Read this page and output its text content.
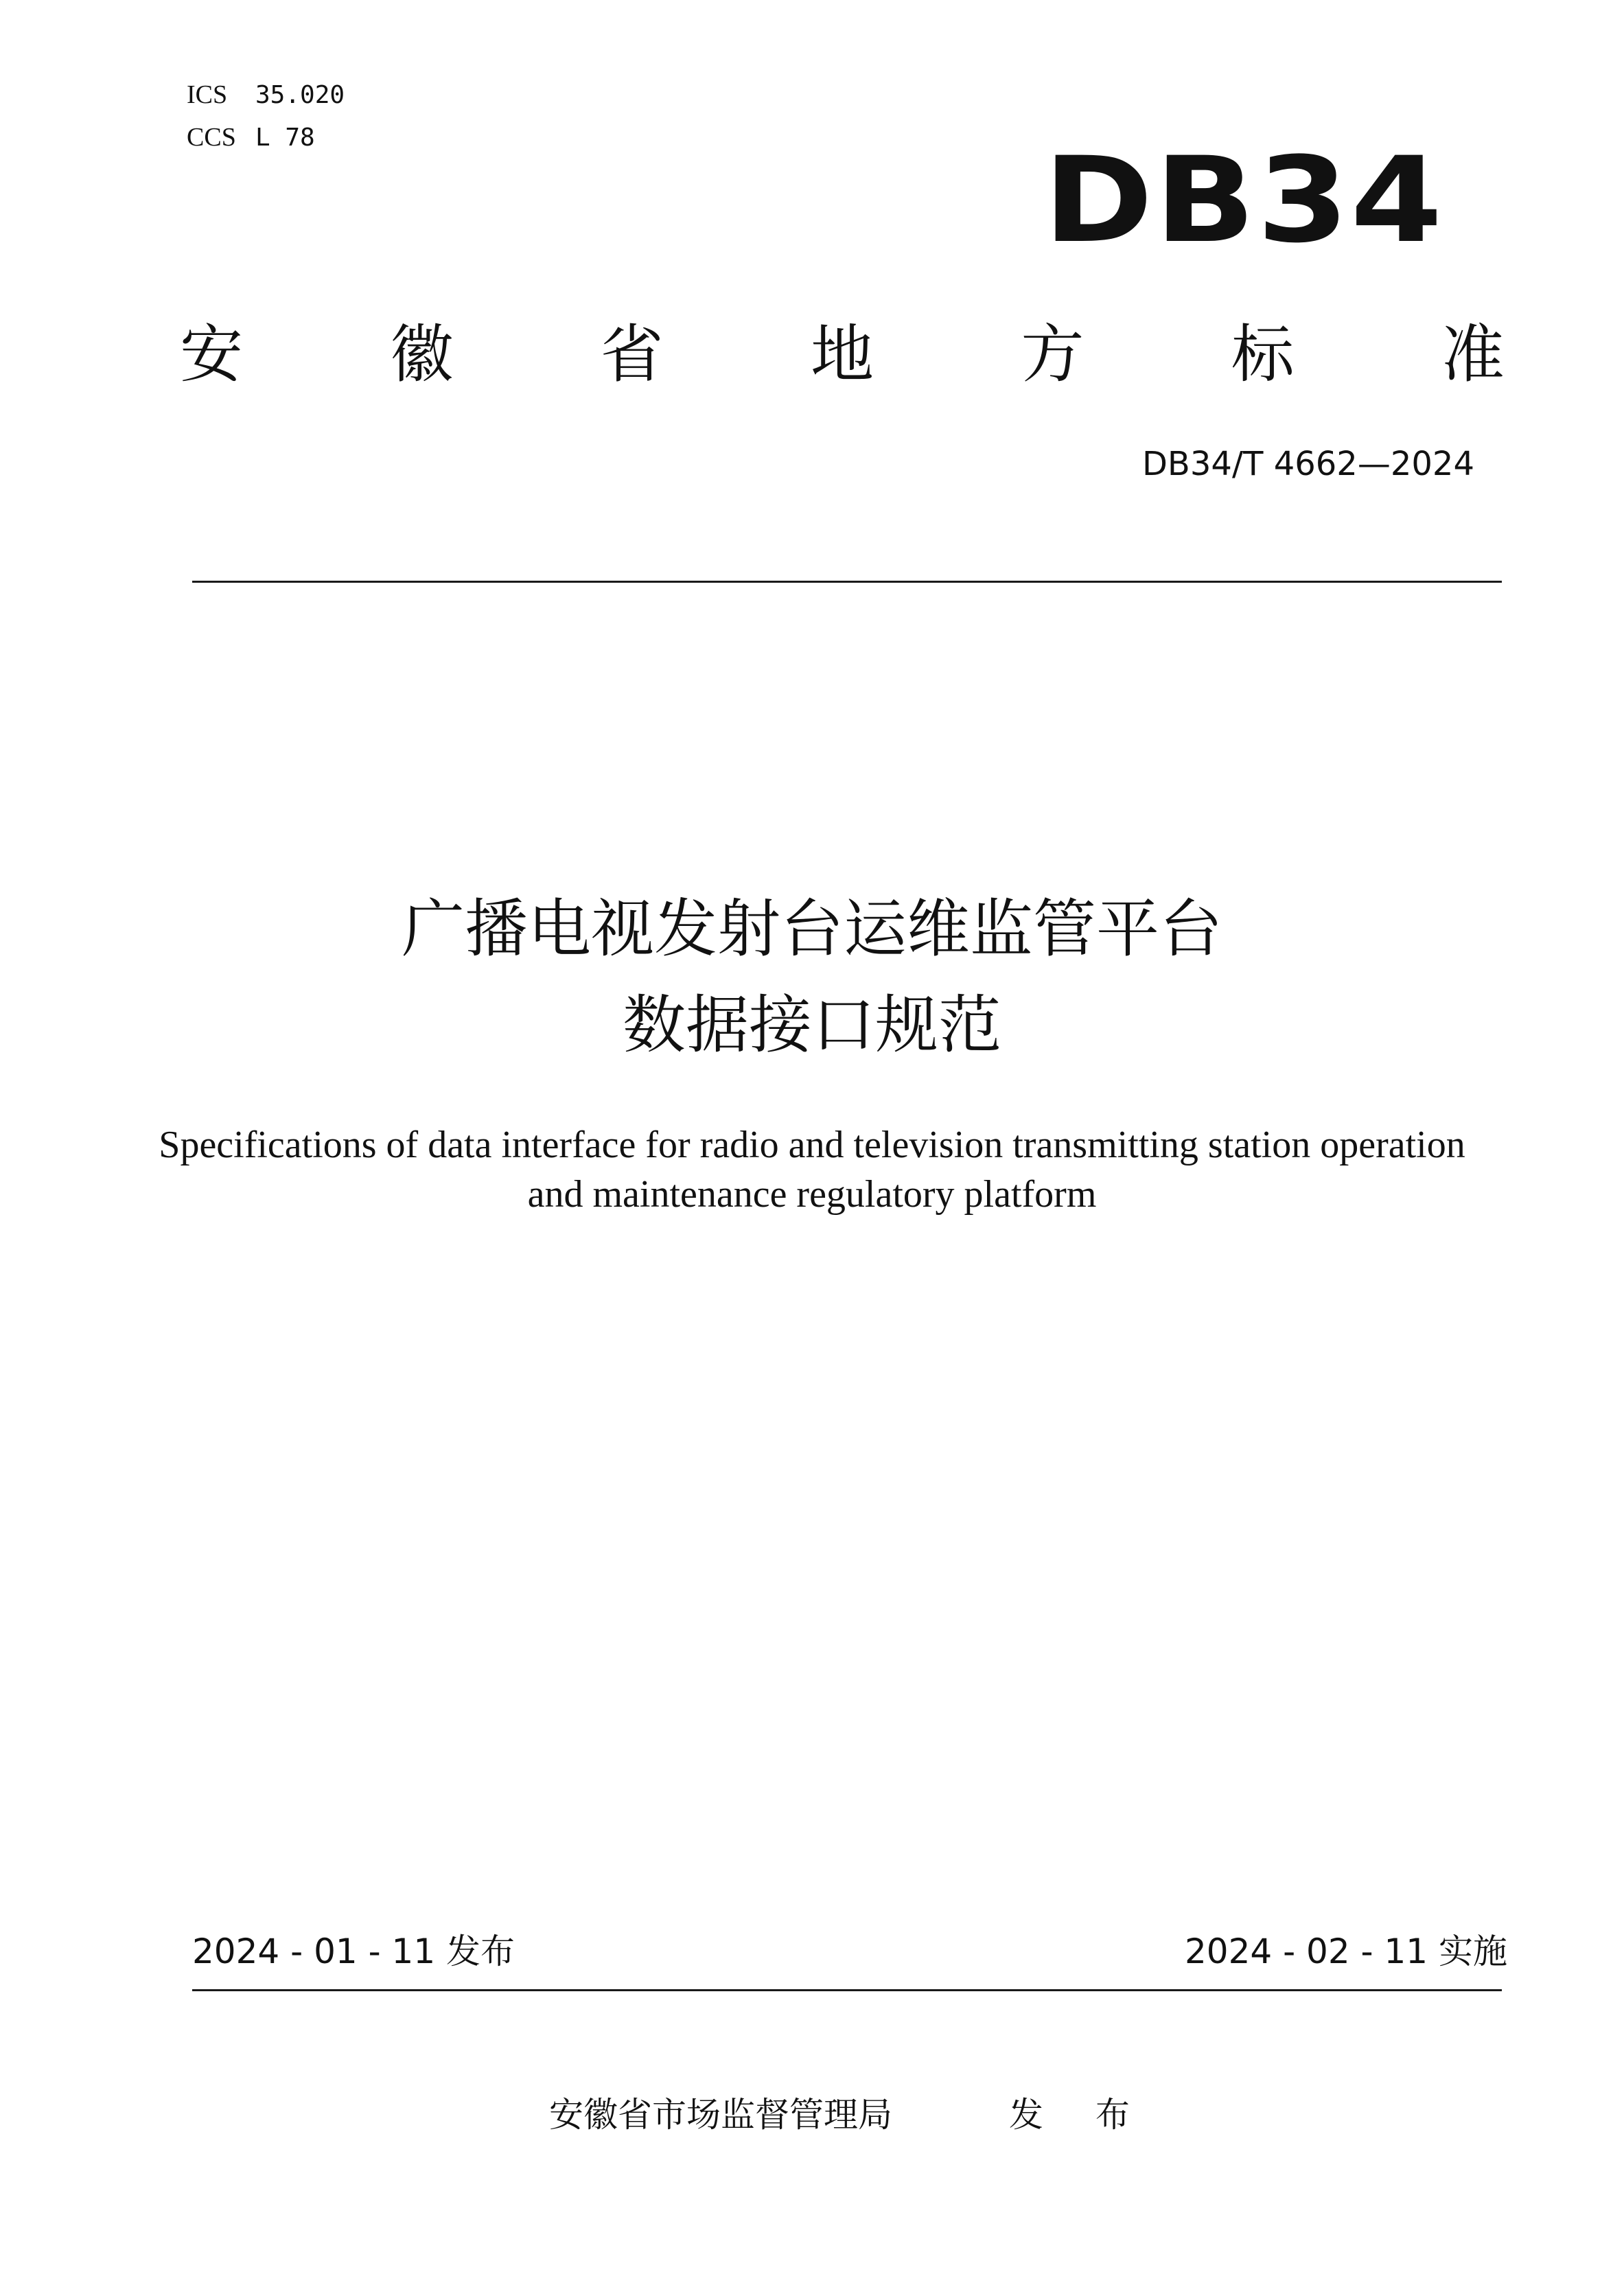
ICS 35.020
CCS L 78	DB34
安 徽 省 地 方 标 准
DB34/T 4662—2024
广播电视发射台运维监管平台
数据接口规范
Specifications of data interface for radio and television transmitting station operation
and maintenance regulatory platform
2024 - 01 - 11 发布	2024 - 02 - 11 实施
安徽省市场监督管理局	发 布
